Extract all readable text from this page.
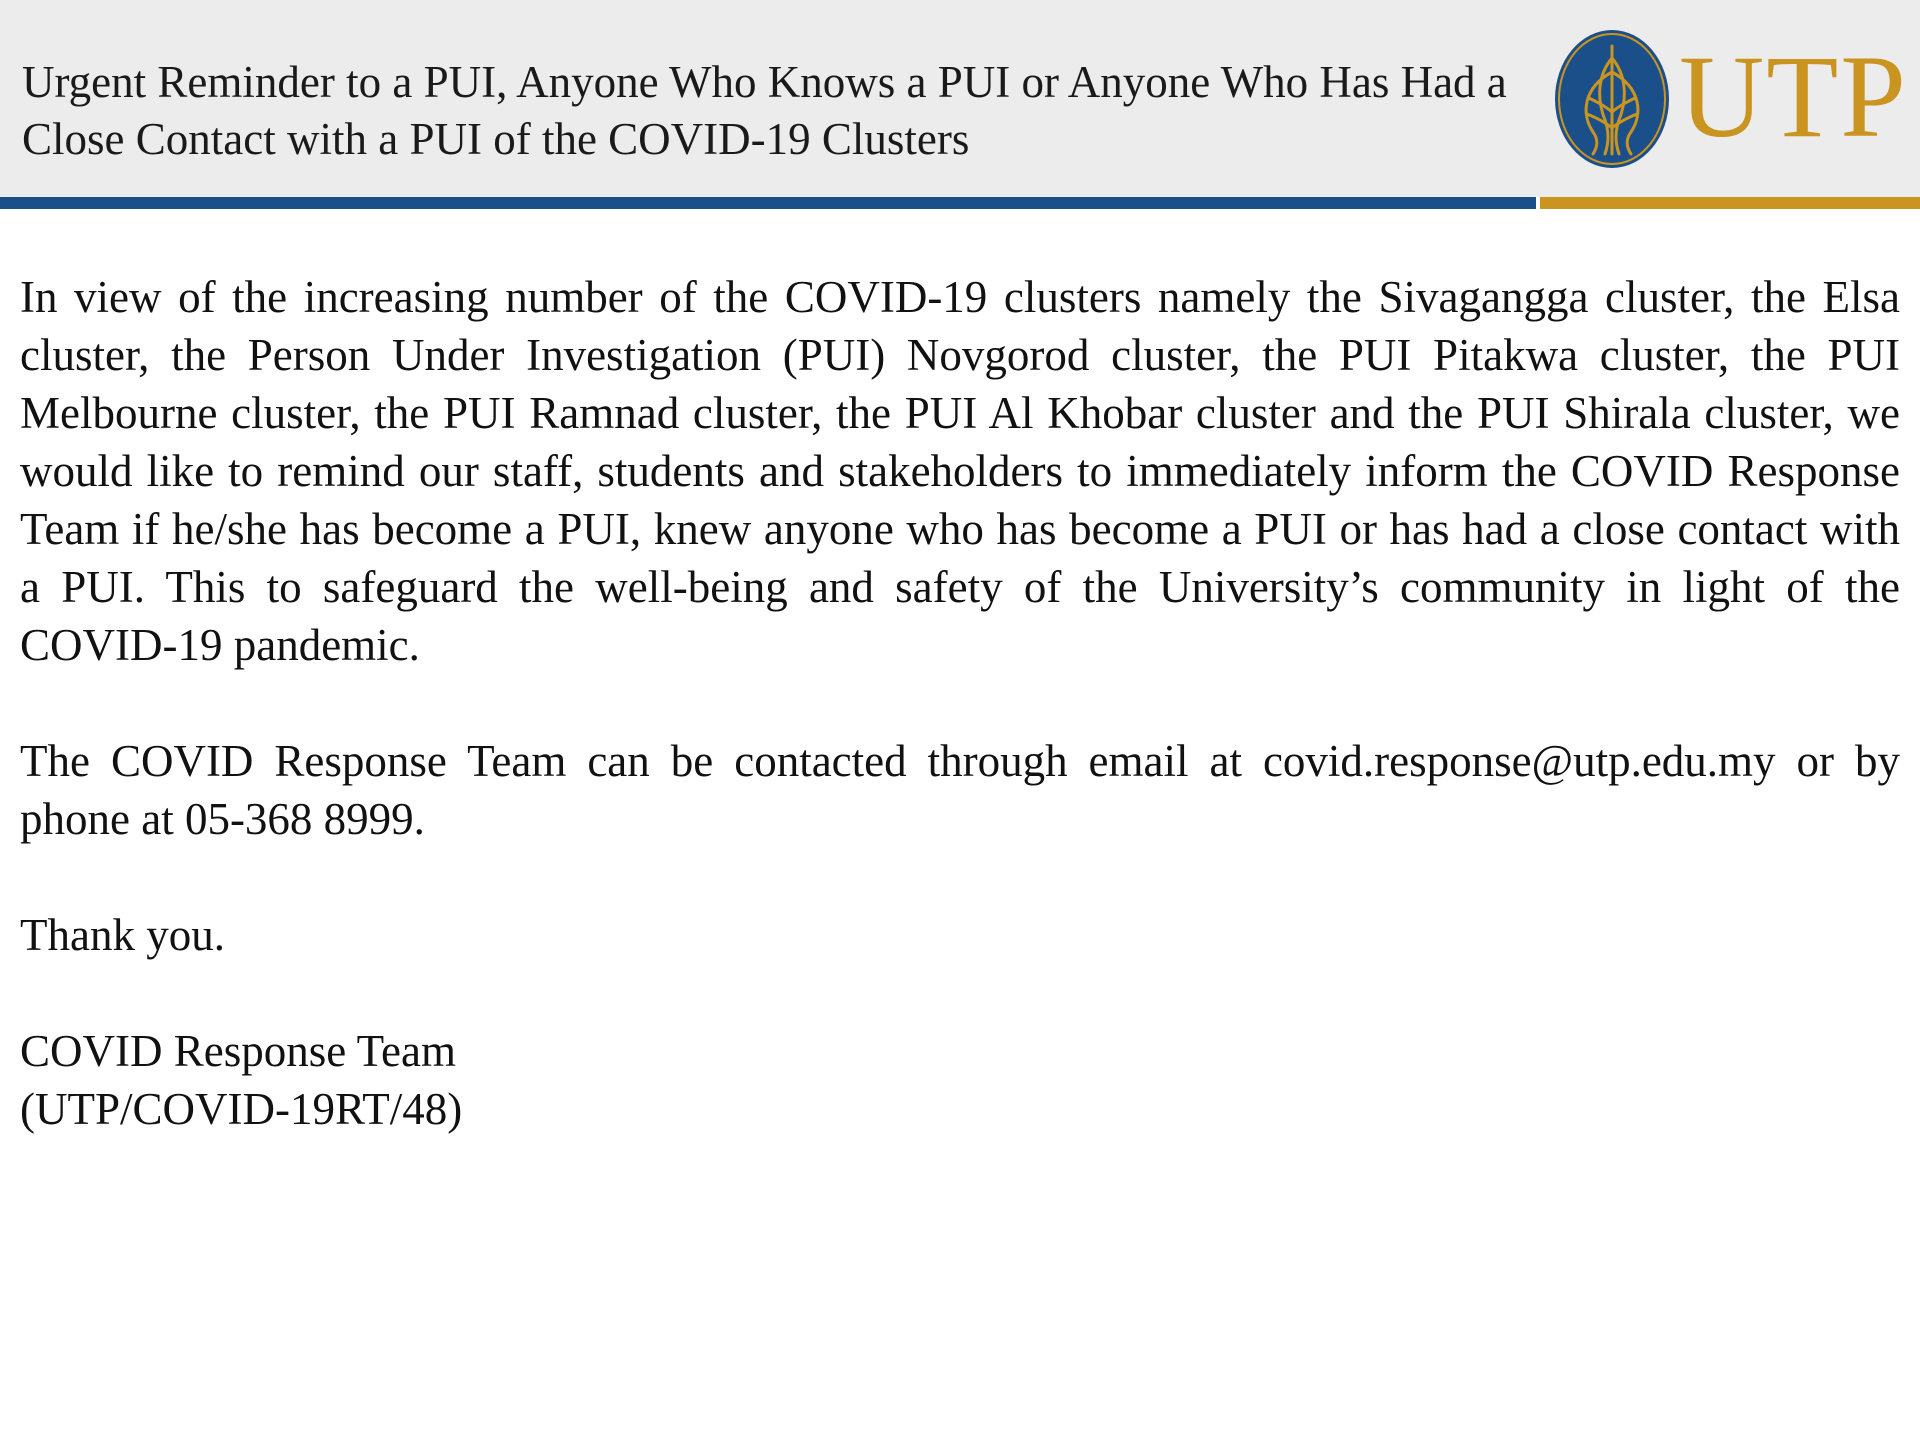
Urgent Reminder to a PUI, Anyone Who Knows a PUI or Anyone Who Has Had a Close Contact with a PUI of the COVID-19 Clusters	UTP

In view of the increasing number of the COVID-19 clusters namely the Sivagangga cluster, the Elsa cluster, the Person Under Investigation (PUI) Novgorod cluster, the PUI Pitakwa cluster, the PUI Melbourne cluster, the PUI Ramnad cluster, the PUI Al Khobar cluster and the PUI Shirala cluster, we would like to remind our staff, students and stakeholders to immediately inform the COVID Response Team if he/she has become a PUI, knew anyone who has become a PUI or has had a close contact with a PUI. This to safeguard the well-being and safety of the University’s community in light of the COVID-19 pandemic.

The COVID Response Team can be contacted through email at covid.response@utp.edu.my or by phone at 05-368 8999.

Thank you.

COVID Response Team

(UTP/COVID-19RT/48)
